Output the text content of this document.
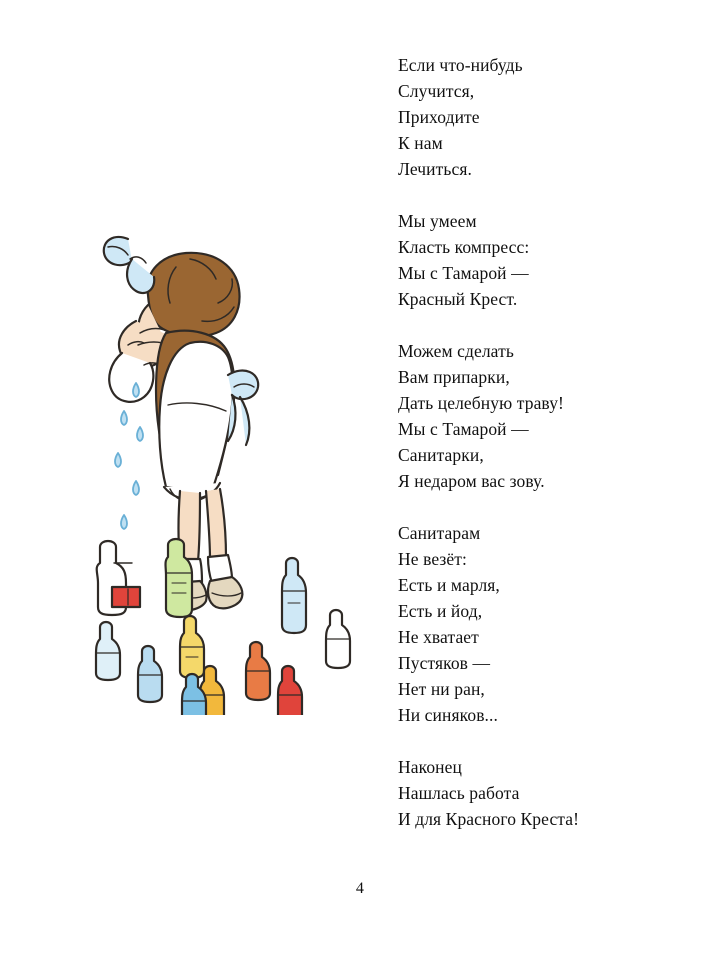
Если что-нибудь
Случится,
Приходите
К нам
Лечиться.
Мы умеем
Класть компресс:
Мы с Тамарой —
Красный Крест.
Можем сделать
Вам припарки,
Дать целебную траву!
Мы с Тамарой —
Санитарки,
Я недаром вас зову.
Санитарам
Не везёт:
Есть и марля,
Есть и йод,
Не хватает
Пустяков —
Нет ни ран,
Ни синяков...
Наконец
Нашлась работа
И для Красного Креста!
4
